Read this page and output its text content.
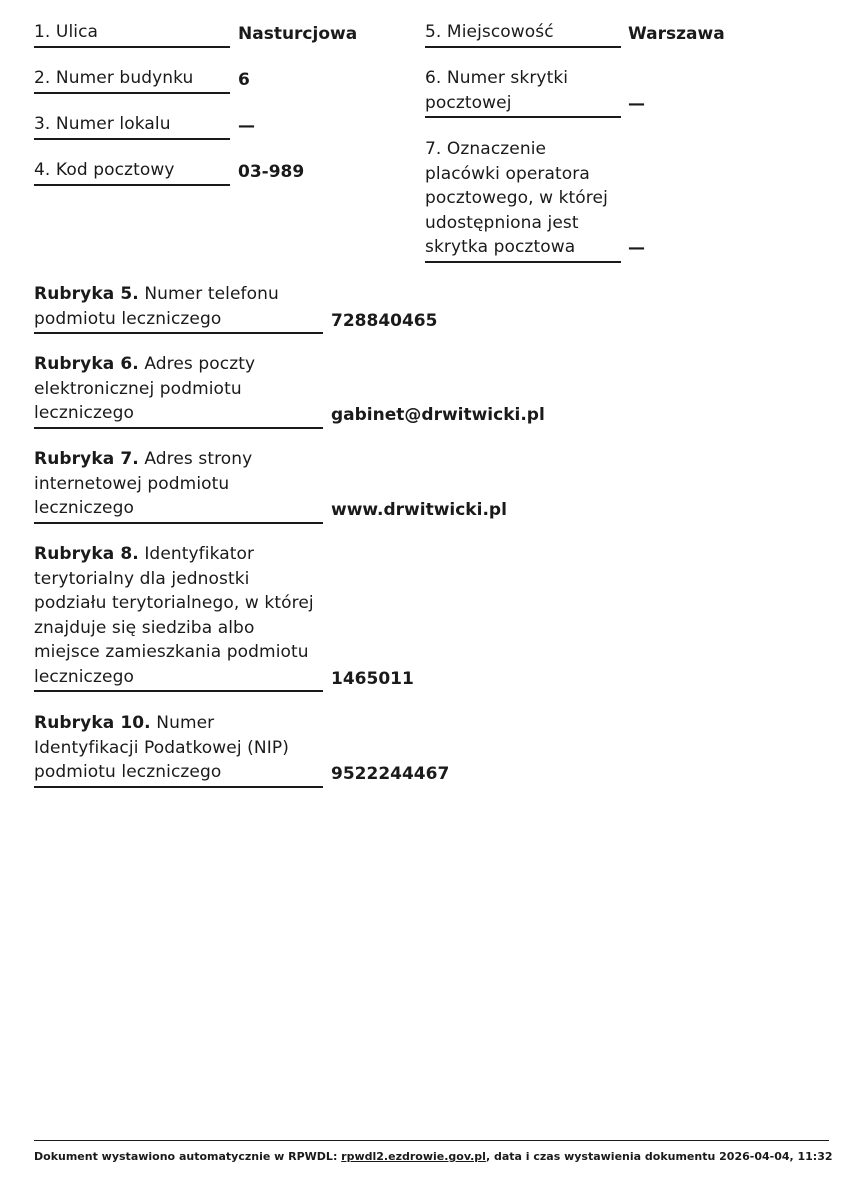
1. Ulica	Nasturcjowa
2. Numer budynku	6
3. Numer lokalu	—
4. Kod pocztowy	03-989
5. Miejscowość	Warszawa
6. Numer skrytki pocztowej	—
7. Oznaczenie placówki operatora pocztowego, w której udostępniona jest skrytka pocztowa	—
Rubryka 5. Numer telefonu podmiotu leczniczego	728840465
Rubryka 6. Adres poczty elektronicznej podmiotu leczniczego	gabinet@drwitwicki.pl
Rubryka 7. Adres strony internetowej podmiotu leczniczego	www.drwitwicki.pl
Rubryka 8. Identyfikator terytorialny dla jednostki podziału terytorialnego, w której znajduje się siedziba albo miejsce zamieszkania podmiotu leczniczego	1465011
Rubryka 10. Numer Identyfikacji Podatkowej (NIP) podmiotu leczniczego	9522244467
Dokument wystawiono automatycznie w RPWDL: rpwdl2.ezdrowie.gov.pl, data i czas wystawienia dokumentu 2026-04-04, 11:32
